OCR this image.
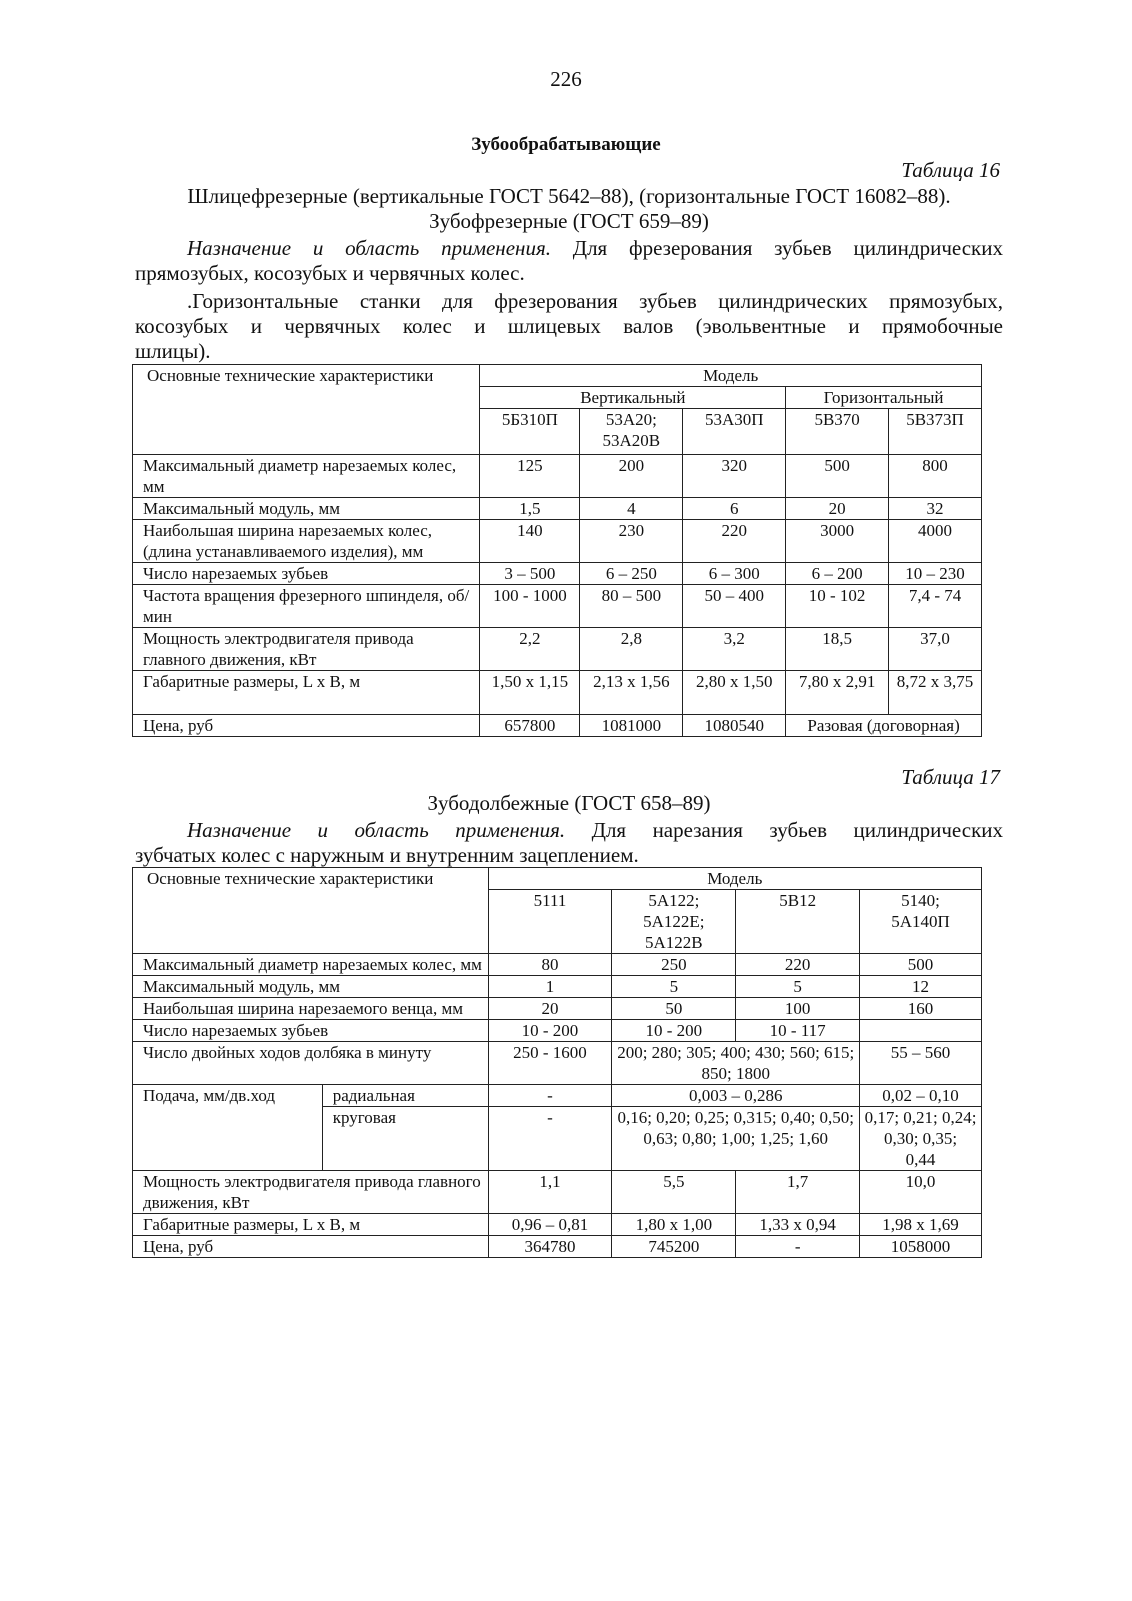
226
Зубообрабатывающие
Таблица 16
Шлицефрезерные (вертикальные ГОСТ 5642–88), (горизонтальные ГОСТ 16082–88).
Зубофрезерные (ГОСТ 659–89)
Назначение и область применения. Для фрезерования зубьев цилиндрических
прямозубых, косозубых и червячных колес.
.Горизонтальные станки для фрезерования зубьев цилиндрических прямозубых, косозубых и червячных колес и шлицевых валов (эвольвентные и прямобочные
шлицы).
Основные технические характеристики	Модель				
	Вертикальный			Горизонтальный	
	5Б310П	53А20;
53А20В	53А30П	5В370	5В373П
Максимальный диаметр нарезаемых колес, мм	125	200	320	500	800
Максимальный модуль, мм	1,5	4	6	20	32
Наибольшая ширина нарезаемых колес, (длина устанавливаемого изделия), мм	140	230	220	3000	4000
Число нарезаемых зубьев	3 – 500	6 – 250	6 – 300	6 – 200	10 – 230
Частота вращения фрезерного шпинделя, об/мин	100 - 1000	80 – 500	50 – 400	10 - 102	7,4 - 74
Мощность электродвигателя привода главного движения, кВт	2,2	2,8	3,2	18,5	37,0
Габаритные размеры, L x B, м	1,50 х 1,15	2,13 х 1,56	2,80 х 1,50	7,80 х 2,91	8,72 х 3,75
Цена, руб	657800	1081000	1080540	Разовая (договорная)	
Таблица 17
Зубодолбежные (ГОСТ 658–89)
Назначение и область применения. Для нарезания зубьев цилиндрических
зубчатых колес с наружным и внутренним зацеплением.
Основные технические характеристики		Модель			
		5111	5А122;
5А122Е;
5А122В	5В12	5140;
5А140П
Максимальный диаметр нарезаемых колес, мм		80	250	220	500
Максимальный модуль, мм		1	5	5	12
Наибольшая ширина нарезаемого венца, мм		20	50	100	160
Число нарезаемых зубьев		10 - 200	10 - 200	10 - 117	
Число двойных ходов долбяка в минуту		250 - 1600	200; 280; 305; 400; 430; 560; 615; 850; 1800		55 – 560
Подача, мм/дв.ход	радиальная	-	0,003 – 0,286		0,02 – 0,10
	круговая	-	0,16; 0,20; 0,25; 0,315; 0,40; 0,50; 0,63; 0,80; 1,00; 1,25; 1,60		0,17; 0,21; 0,24; 0,30; 0,35;     0,44
Мощность электродвигателя привода главного движения, кВт		1,1	5,5	1,7	10,0
Габаритные размеры, L x B, м		0,96 – 0,81	1,80 х 1,00	1,33 х 0,94	1,98 х 1,69
Цена, руб		364780	745200	-	1058000
